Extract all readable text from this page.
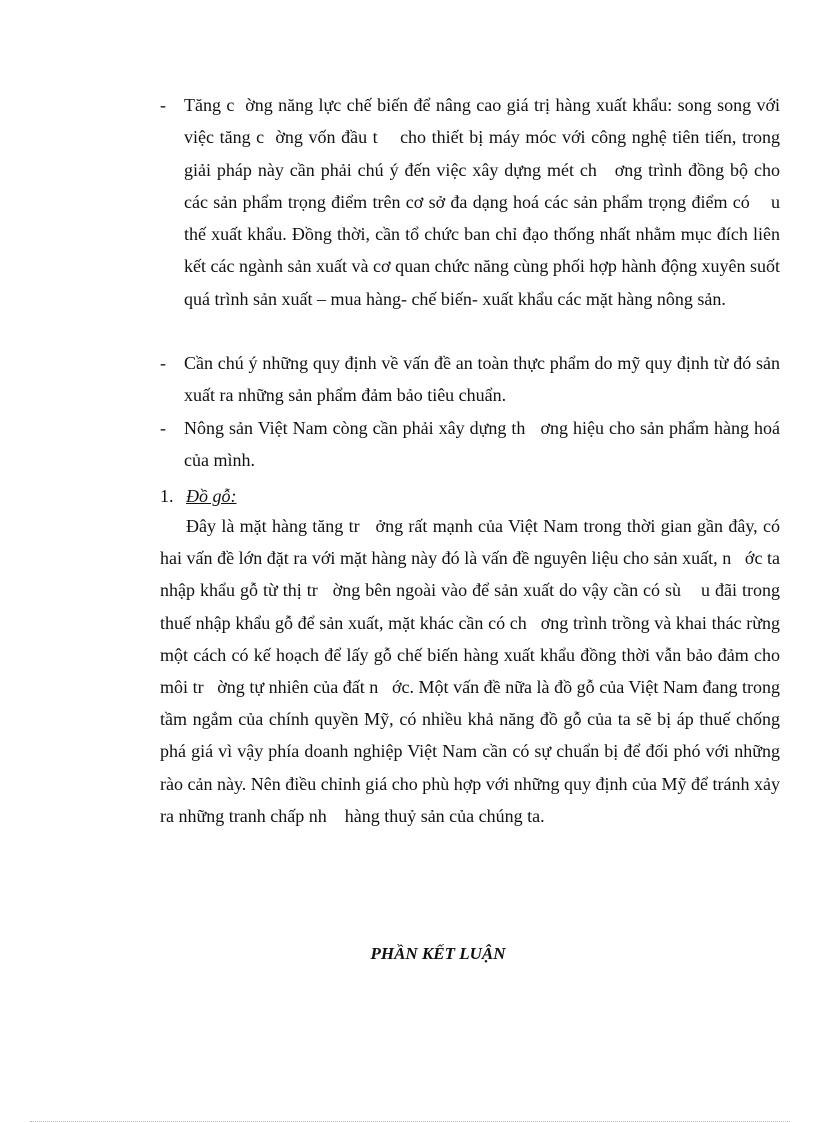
- Tăng c  ờng năng lực chế biến để nâng cao giá trị hàng xuất khẩu: song song với việc tăng c  ờng vốn đầu t    cho thiết bị máy móc với công nghệ tiên tiến, trong giải pháp này cần phải chú ý đến việc xây dựng mét ch   ơng trình đồng bộ cho các sản phẩm trọng điểm trên cơ sở đa dạng hoá các sản phẩm trọng điểm có    u thế xuất khẩu. Đồng thời, cần tổ chức ban chỉ đạo thống nhất nhằm mục đích liên kết các ngành sản xuất và cơ quan chức năng cùng phối hợp hành động xuyên suốt quá trình sản xuất – mua hàng- chế biến- xuất khẩu các mặt hàng nông sản.
- Cần chú ý những quy định về vấn đề an toàn thực phẩm do mỹ quy định từ đó sản xuất ra những sản phẩm đảm bảo tiêu chuẩn.
- Nông sản Việt Nam còng cần phải xây dựng th   ơng hiệu cho sản phẩm hàng hoá của mình.
1. Đồ gỗ:
Đây là mặt hàng tăng tr   ởng rất mạnh của Việt Nam trong thời gian gần đây, có hai vấn đề lớn đặt ra với mặt hàng này đó là vấn đề nguyên liệu cho sản xuất, n   ớc ta nhập khẩu gỗ từ thị tr   ờng bên ngoài vào để sản xuất do vậy cần có sù    u đãi trong thuế nhập khẩu gỗ để sản xuất, mặt khác cần có ch   ơng trình trồng và khai thác rừng một cách có kế hoạch để lấy gỗ chế biến hàng xuất khẩu đồng thời vẫn bảo đảm cho môi tr   ờng tự nhiên của đất n   ớc. Một vấn đề nữa là đồ gỗ của Việt Nam đang trong tầm ngắm của chính quyền Mỹ, có nhiều khả năng đồ gỗ của ta sẽ bị áp thuế chống phá giá vì vậy phía doanh nghiệp Việt Nam cần có sự chuẩn bị để đối phó với những rào cản này. Nên điều chỉnh giá cho phù hợp với những quy định của Mỹ để tránh xảy ra những tranh chấp nh    hàng thuỷ sản của chúng ta.
PHẦN KẾT LUẬN
